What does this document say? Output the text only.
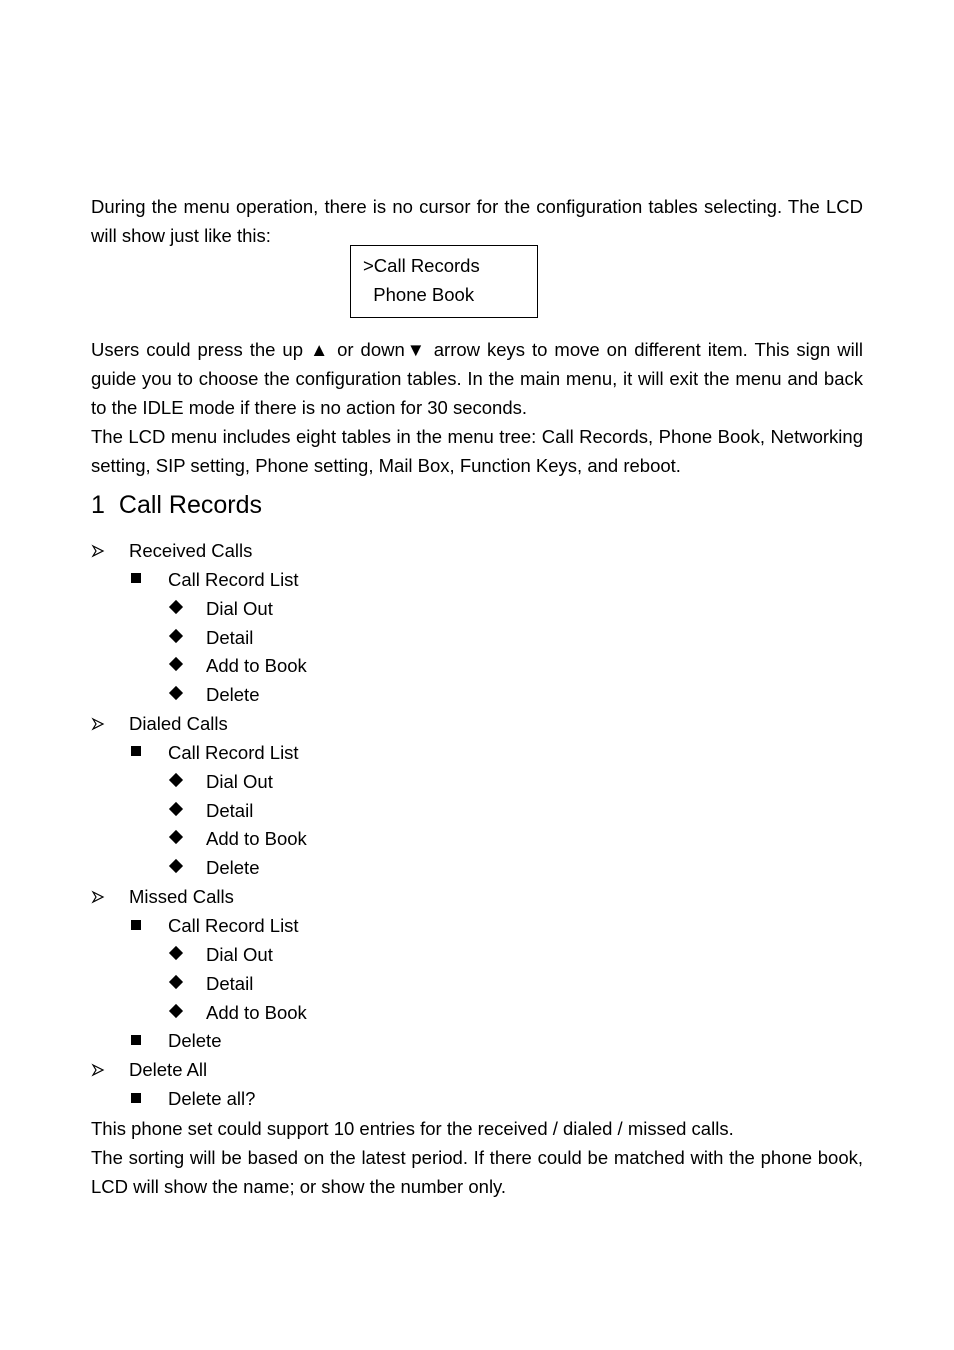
During the menu operation, there is no cursor for the configuration tables selecting. The LCD will show just like this:

>Call Records
Phone Book

Users could press the up ▲ or down▼ arrow keys to move on different item. This sign will guide you to choose the configuration tables. In the main menu, it will exit the menu and back to the IDLE mode if there is no action for 30 seconds.

The LCD menu includes eight tables in the menu tree: Call Records, Phone Book, Networking setting, SIP setting, Phone setting, Mail Box, Function Keys, and reboot.

1 Call Records
Received Calls
Call Record List
Dial Out
Detail
Add to Book
Delete
Dialed Calls
Call Record List
Dial Out
Detail
Add to Book
Delete
Missed Calls
Call Record List
Dial Out
Detail
Add to Book
Delete
Delete All
Delete all?

This phone set could support 10 entries for the received / dialed / missed calls.

The sorting will be based on the latest period. If there could be matched with the phone book, LCD will show the name; or show the number only.
